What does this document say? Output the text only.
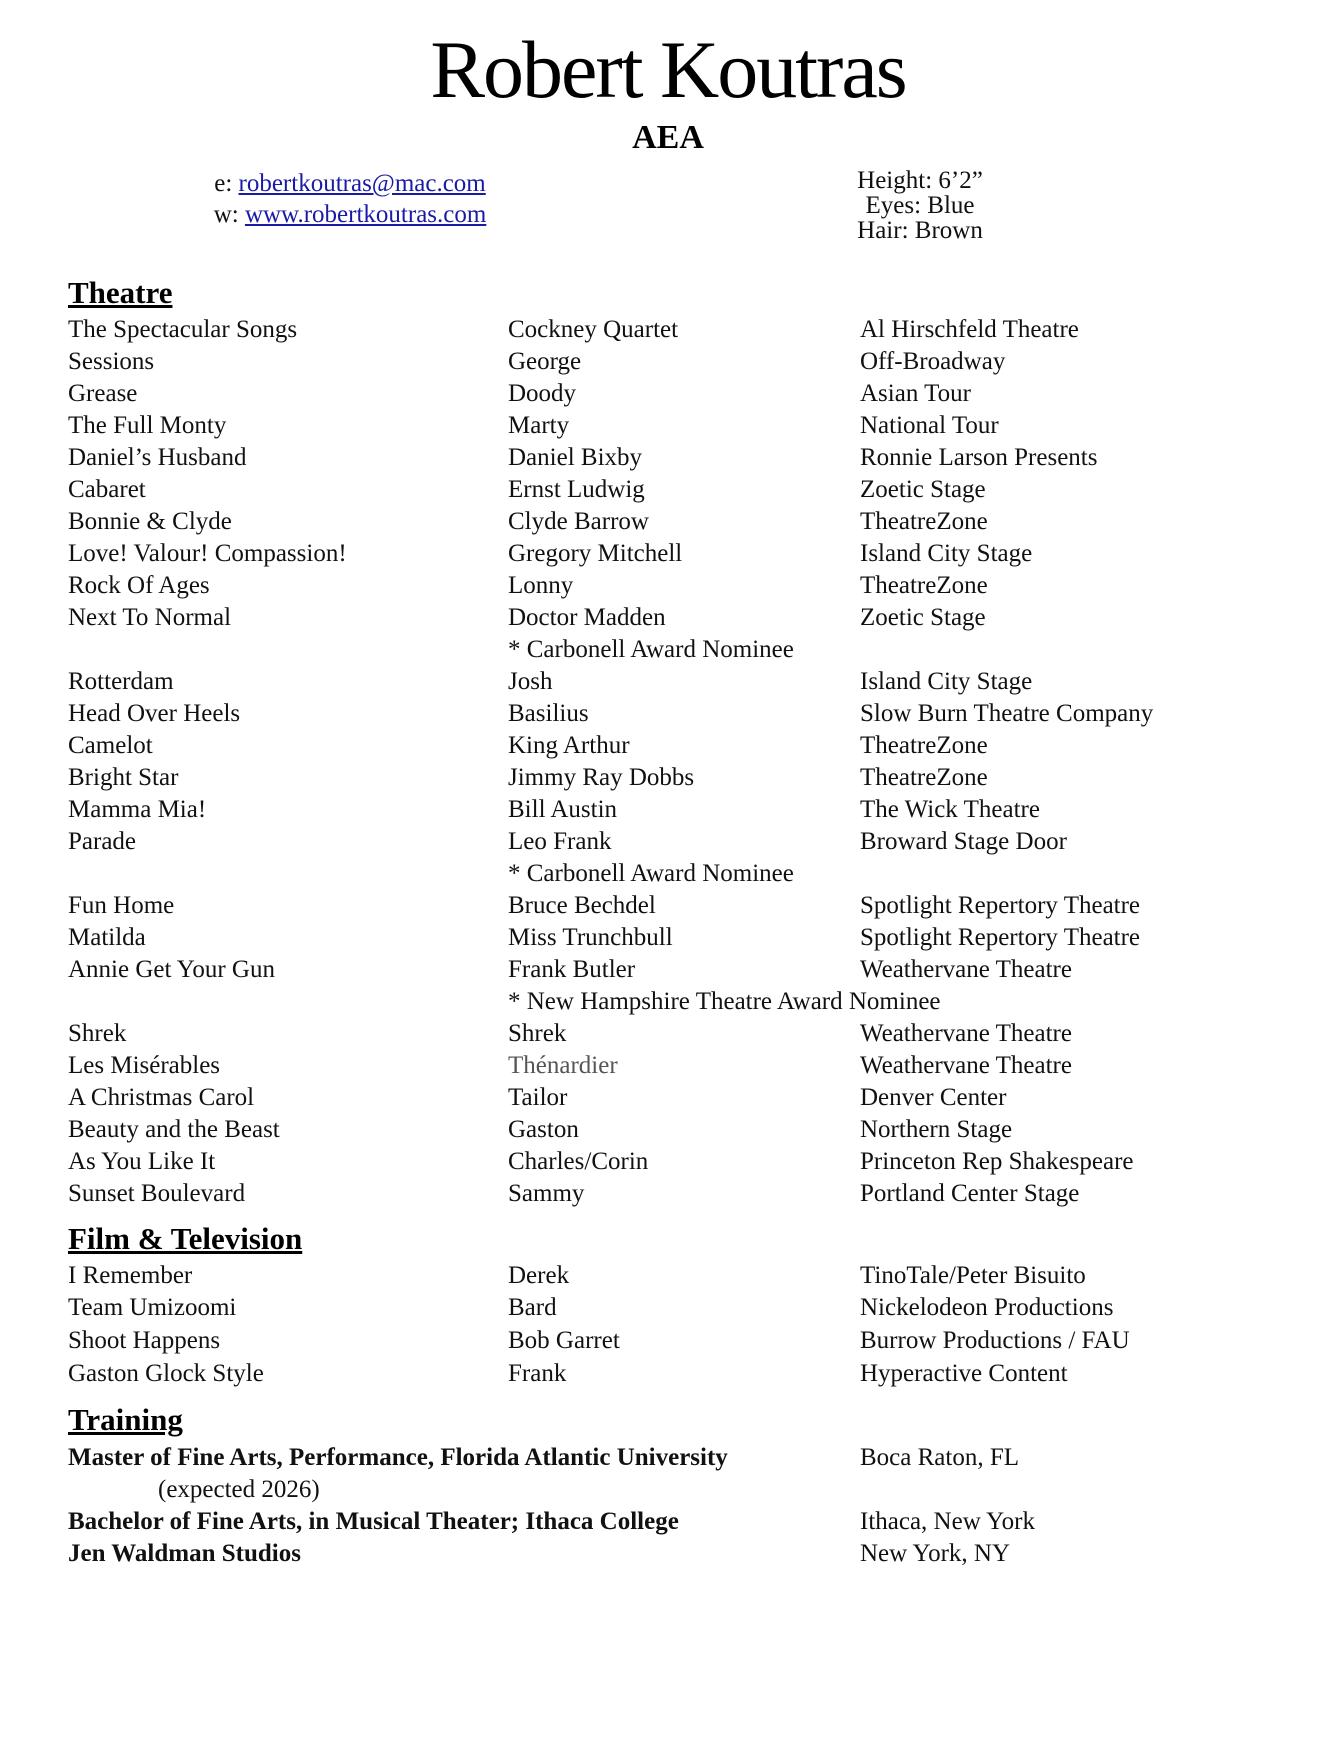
Robert Koutras
AEA
e: robertkoutras@mac.com
w: www.robertkoutras.com
Height: 6’2”
Eyes: Blue
Hair: Brown
Theatre
The Spectacular Songs	Cockney Quartet	Al Hirschfeld Theatre
Sessions	George	Off-Broadway
Grease	Doody	Asian Tour
The Full Monty	Marty	National Tour
Daniel’s Husband	Daniel Bixby	Ronnie Larson Presents
Cabaret	Ernst Ludwig	Zoetic Stage
Bonnie & Clyde	Clyde Barrow	TheatreZone
Love! Valour! Compassion!	Gregory Mitchell	Island City Stage
Rock Of Ages	Lonny	TheatreZone
Next To Normal	Doctor Madden	Zoetic Stage
* Carbonell Award Nominee
Rotterdam	Josh	Island City Stage
Head Over Heels	Basilius	Slow Burn Theatre Company
Camelot	King Arthur	TheatreZone
Bright Star	Jimmy Ray Dobbs	TheatreZone
Mamma Mia!	Bill Austin	The Wick Theatre
Parade	Leo Frank	Broward Stage Door
* Carbonell Award Nominee
Fun Home	Bruce Bechdel	Spotlight Repertory Theatre
Matilda	Miss Trunchbull	Spotlight Repertory Theatre
Annie Get Your Gun	Frank Butler	Weathervane Theatre
* New Hampshire Theatre Award Nominee
Shrek	Shrek	Weathervane Theatre
Les Misérables	Thénardier	Weathervane Theatre
A Christmas Carol	Tailor	Denver Center
Beauty and the Beast	Gaston	Northern Stage
As You Like It	Charles/Corin	Princeton Rep Shakespeare
Sunset Boulevard	Sammy	Portland Center Stage
Film & Television
I Remember	Derek	TinoTale/Peter Bisuito
Team Umizoomi	Bard	Nickelodeon Productions
Shoot Happens	Bob Garret	Burrow Productions / FAU
Gaston Glock Style	Frank	Hyperactive Content
Training
Master of Fine Arts, Performance, Florida Atlantic University	Boca Raton, FL
(expected 2026)
Bachelor of Fine Arts, in Musical Theater; Ithaca College	Ithaca, New York
Jen Waldman Studios	New York, NY
